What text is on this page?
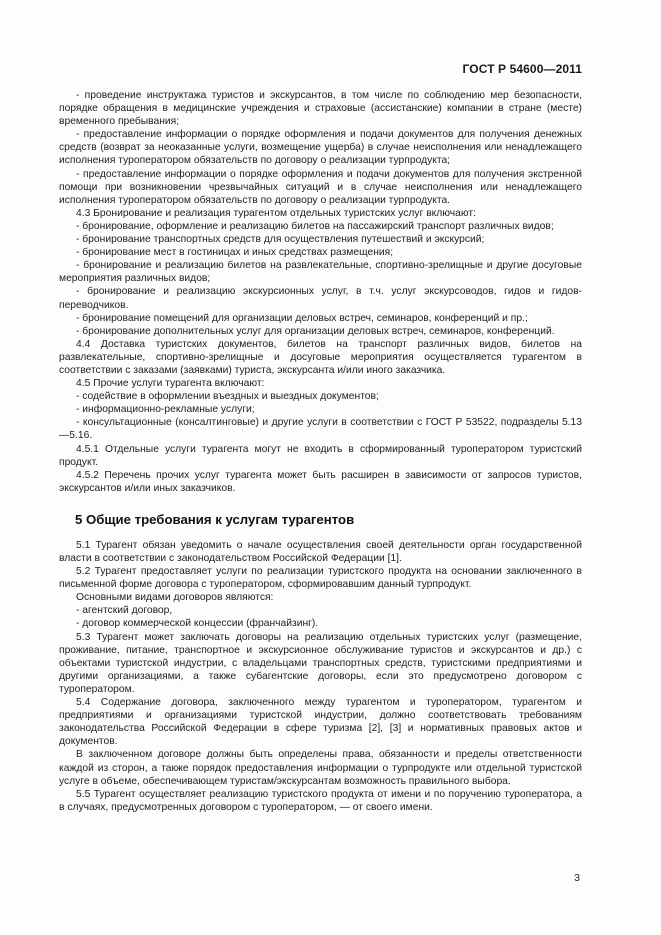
ГОСТ Р 54600—2011

- проведение инструктажа туристов и экскурсантов, в том числе по соблюдению мер безопасности, порядке обращения в медицинские учреждения и страховые (ассистанские) компании в стране (месте) временного пребывания;

- предоставление информации о порядке оформления и подачи документов для получения денежных средств (возврат за неоказанные услуги, возмещение ущерба) в случае неисполнения или ненадлежащего исполнения туроператором обязательств по договору о реализации турпродукта;

- предоставление информации о порядке оформления и подачи документов для получения экстренной помощи при возникновении чрезвычайных ситуаций и в случае неисполнения или ненадлежащего исполнения туроператором обязательств по договору о реализации турпродукта.

4.3 Бронирование и реализация турагентом отдельных туристских услуг включают:

- бронирование, оформление и реализацию билетов на пассажирский транспорт различных видов;

- бронирование транспортных средств для осуществления путешествий и экскурсий;

- бронирование мест в гостиницах и иных средствах размещения;

- бронирование и реализацию билетов на развлекательные, спортивно-зрелищные и другие досуговые мероприятия различных видов;

- бронирование и реализацию экскурсионных услуг, в т.ч. услуг экскурсоводов, гидов и гидов-переводчиков.

- бронирование помещений для организации деловых встреч, семинаров, конференций и пр.;

- бронирование дополнительных услуг для организации деловых встреч, семинаров, конференций.

4.4 Доставка туристских документов, билетов на транспорт различных видов, билетов на развлекательные, спортивно-зрелищные и досуговые мероприятия осуществляется турагентом в соответствии с заказами (заявками) туриста, экскурсанта и/или иного заказчика.

4.5 Прочие услуги турагента включают:

- содействие в оформлении въездных и выездных документов;

- информационно-рекламные услуги;

- консультационные (консалтинговые) и другие услуги в соответствии с ГОСТ Р 53522, подразделы 5.13—5.16.

4.5.1 Отдельные услуги турагента могут не входить в сформированный туроператором туристский продукт.

4.5.2 Перечень прочих услуг турагента может быть расширен в зависимости от запросов туристов, экскурсантов и/или иных заказчиков.

5 Общие требования к услугам турагентов

5.1 Турагент обязан уведомить о начале осуществления своей деятельности орган государственной власти в соответствии с законодательством Российской Федерации [1].

5.2 Турагент предоставляет услуги по реализации туристского продукта на основании заключенного в письменной форме договора с туроператором, сформировавшим данный турпродукт.

Основными видами договоров являются:

- агентский договор,

- договор коммерческой концессии (франчайзинг).

5.3 Турагент может заключать договоры на реализацию отдельных туристских услуг (размещение, проживание, питание, транспортное и экскурсионное обслуживание туристов и экскурсантов и др.) с объектами туристской индустрии, с владельцами транспортных средств, туристскими предприятиями и другими организациями, а также субагентские договоры, если это предусмотрено договором с туроператором.

5.4 Содержание договора, заключенного между турагентом и туроператором, турагентом и предприятиями и организациями туристской индустрии, должно соответствовать требованиям законодательства Российской Федерации в сфере туризма [2], [3] и нормативных правовых актов и документов.

В заключенном договоре должны быть определены права, обязанности и пределы ответственности каждой из сторон, а также порядок предоставления информации о турпродукте или отдельной туристской услуге в объеме, обеспечивающем туристам/экскурсантам возможность правильного выбора.

5.5 Турагент осуществляет реализацию туристского продукта от имени и по поручению туроператора, а в случаях, предусмотренных договором с туроператором, — от своего имени.

3
